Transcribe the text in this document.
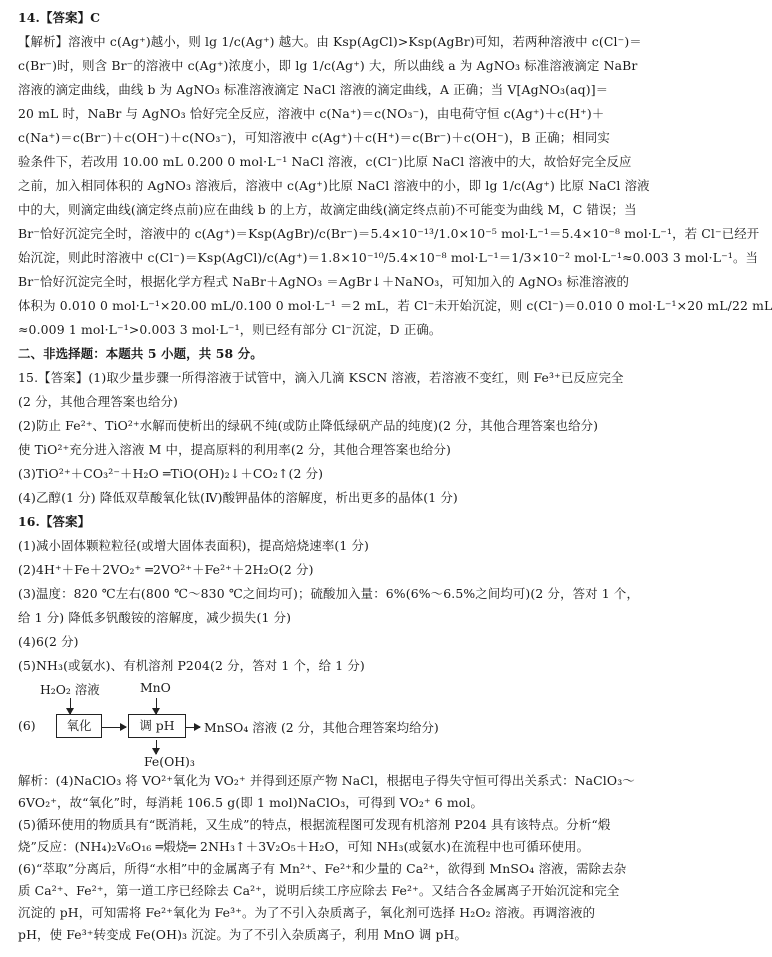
14.【答案】C
【解析】溶液中 c(Ag⁺)越小，则 lg 1/c(Ag⁺) 越大。由 Ksp(AgCl)>Ksp(AgBr)可知，若两种溶液中 c(Cl⁻)＝
c(Br⁻)时，则含 Br⁻的溶液中 c(Ag⁺)浓度小，即 lg 1/c(Ag⁺) 大，所以曲线 a 为 AgNO₃ 标准溶液滴定 NaBr
溶液的滴定曲线，曲线 b 为 AgNO₃ 标准溶液滴定 NaCl 溶液的滴定曲线，A 正确；当 V[AgNO₃(aq)]＝
20 mL 时，NaBr 与 AgNO₃ 恰好完全反应，溶液中 c(Na⁺)＝c(NO₃⁻)，由电荷守恒 c(Ag⁺)＋c(H⁺)＋
c(Na⁺)＝c(Br⁻)＋c(OH⁻)＋c(NO₃⁻)，可知溶液中 c(Ag⁺)＋c(H⁺)＝c(Br⁻)＋c(OH⁻)，B 正确；相同实
验条件下，若改用 10.00 mL 0.200 0 mol·L⁻¹ NaCl 溶液，c(Cl⁻)比原 NaCl 溶液中的大，故恰好完全反应
之前，加入相同体积的 AgNO₃ 溶液后，溶液中 c(Ag⁺)比原 NaCl 溶液中的小，即 lg 1/c(Ag⁺) 比原 NaCl 溶液
中的大，则滴定曲线(滴定终点前)应在曲线 b 的上方，故滴定曲线(滴定终点前)不可能变为曲线 M，C 错误；当
Br⁻恰好沉淀完全时，溶液中的 c(Ag⁺)＝Ksp(AgBr)/c(Br⁻)＝5.4×10⁻¹³/1.0×10⁻⁵ mol·L⁻¹＝5.4×10⁻⁸ mol·L⁻¹，若 Cl⁻已经开
始沉淀，则此时溶液中 c(Cl⁻)＝Ksp(AgCl)/c(Ag⁺)＝1.8×10⁻¹⁰/5.4×10⁻⁸ mol·L⁻¹＝1/3×10⁻² mol·L⁻¹≈0.003 3 mol·L⁻¹。当
Br⁻恰好沉淀完全时，根据化学方程式 NaBr＋AgNO₃ ＝AgBr↓＋NaNO₃，可知加入的 AgNO₃ 标准溶液的
体积为 0.010 0 mol·L⁻¹×20.00 mL/0.100 0 mol·L⁻¹ ＝2 mL，若 Cl⁻未开始沉淀，则 c(Cl⁻)＝0.010 0 mol·L⁻¹×20 mL/22 mL
≈0.009 1 mol·L⁻¹>0.003 3 mol·L⁻¹，则已经有部分 Cl⁻沉淀，D 正确。
二、非选择题：本题共 5 小题，共 58 分。
15.【答案】(1)取少量步骤一所得溶液于试管中，滴入几滴 KSCN 溶液，若溶液不变红，则 Fe³⁺已反应完全
(2 分，其他合理答案也给分)
(2)防止 Fe²⁺、TiO²⁺水解而使析出的绿矾不纯(或防止降低绿矾产品的纯度)(2 分，其他合理答案也给分)
使 TiO²⁺充分进入溶液 M 中，提高原料的利用率(2 分，其他合理答案也给分)
(3)TiO²⁺＋CO₃²⁻＋H₂O ═TiO(OH)₂↓＋CO₂↑(2 分)
(4)乙醇(1 分) 降低双草酸氧化钛(Ⅳ)酸钾晶体的溶解度，析出更多的晶体(1 分)
16.【答案】
(1)减小固体颗粒粒径(或增大固体表面积)，提高焙烧速率(1 分)
(2)4H⁺＋Fe＋2VO₂⁺ ═2VO²⁺＋Fe²⁺＋2H₂O(2 分)
(3)温度：820 ℃左右(800 ℃～830 ℃之间均可)；硫酸加入量：6%(6%～6.5%之间均可)(2 分，答对 1 个，
给 1 分) 降低多钒酸铵的溶解度，减少损失(1 分)
(4)6(2 分)
(5)NH₃(或氨水)、有机溶剂 P204(2 分，答对 1 个，给 1 分)
H₂O₂ 溶液	MnO
(6)	氧化	调 pH	MnSO₄ 溶液 (2 分，其他合理答案均给分)
Fe(OH)₃
解析：(4)NaClO₃ 将 VO²⁺氧化为 VO₂⁺ 并得到还原产物 NaCl，根据电子得失守恒可得出关系式：NaClO₃～
6VO₂⁺，故“氧化”时，每消耗 106.5 g(即 1 mol)NaClO₃，可得到 VO₂⁺ 6 mol。
(5)循环使用的物质具有“既消耗，又生成”的特点，根据流程图可发现有机溶剂 P204 具有该特点。分析“煅
烧”反应：(NH₄)₂V₆O₁₆ ═煅烧═ 2NH₃↑＋3V₂O₅＋H₂O，可知 NH₃(或氨水)在流程中也可循环使用。
(6)“萃取”分离后，所得“水相”中的金属离子有 Mn²⁺、Fe²⁺和少量的 Ca²⁺，欲得到 MnSO₄ 溶液，需除去杂
质 Ca²⁺、Fe²⁺，第一道工序已经除去 Ca²⁺，说明后续工序应除去 Fe²⁺。又结合各金属离子开始沉淀和完全
沉淀的 pH，可知需将 Fe²⁺氧化为 Fe³⁺。为了不引入杂质离子，氧化剂可选择 H₂O₂ 溶液。再调溶液的
pH，使 Fe³⁺转变成 Fe(OH)₃ 沉淀。为了不引入杂质离子，利用 MnO 调 pH。
